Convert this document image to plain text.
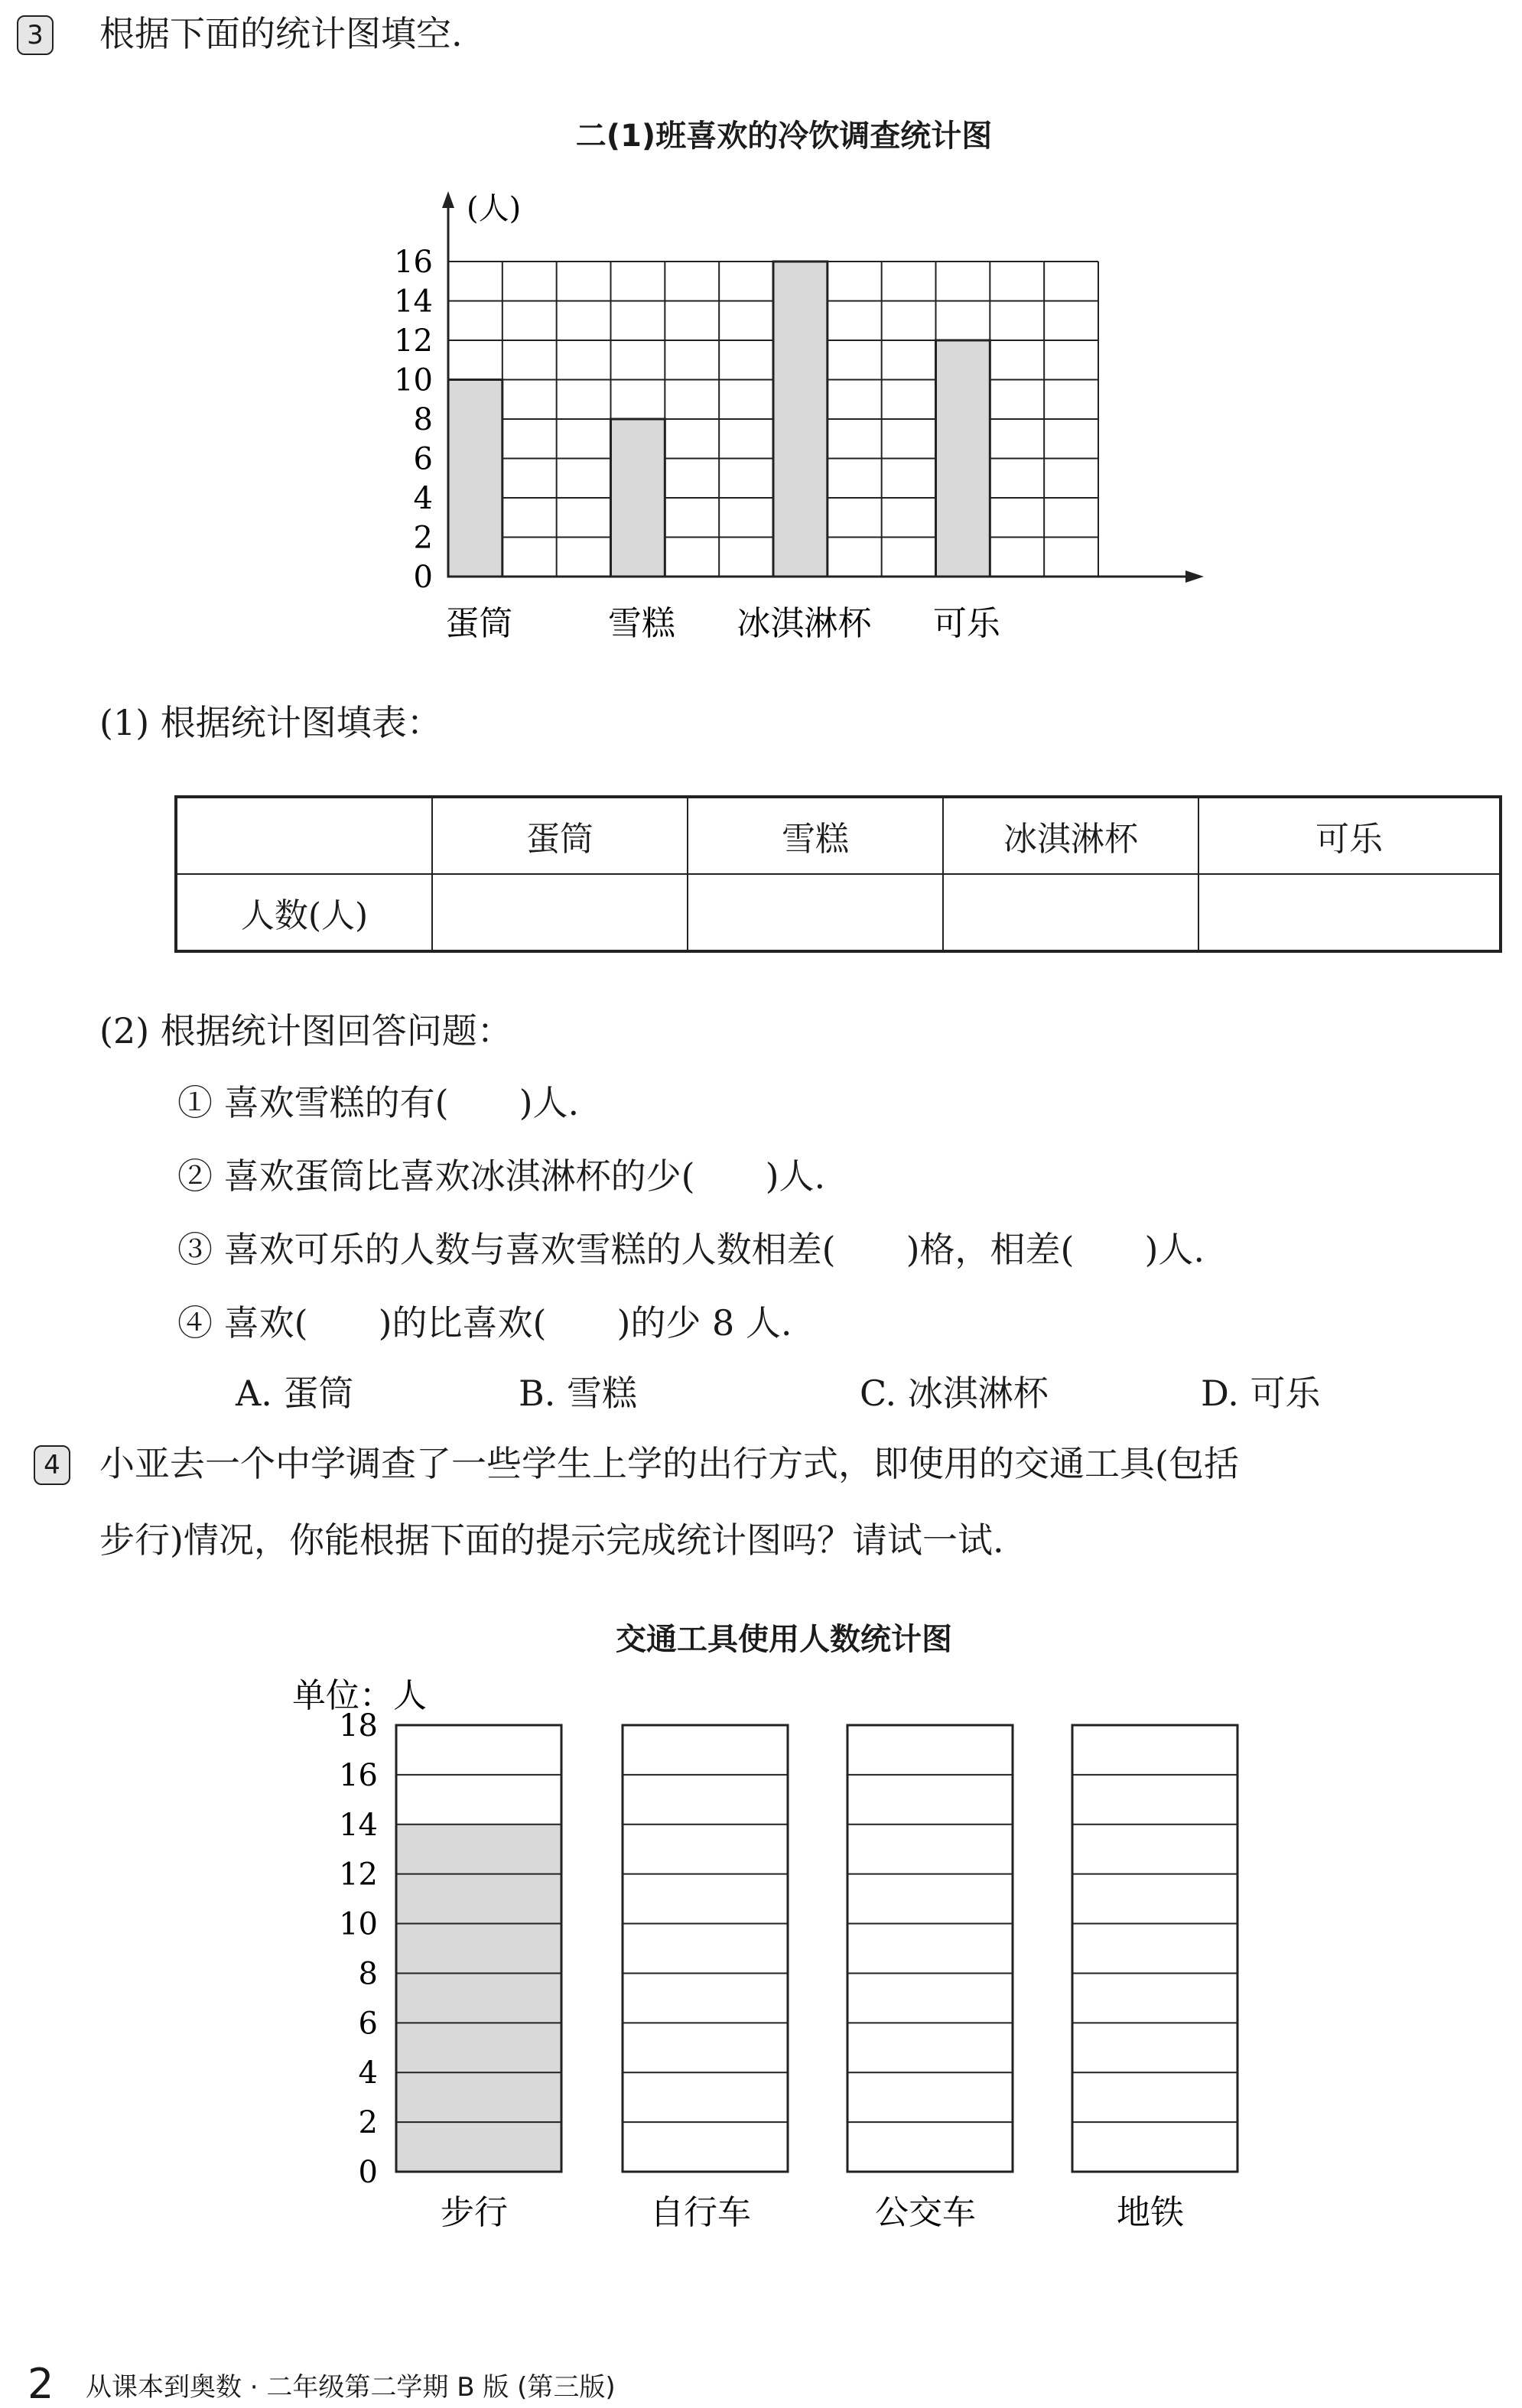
3 根据下面的统计图填空.
二(1)班喜欢的冷饮调查统计图
(人)
0
2
4
6
8
10
12
14
16
蛋筒	雪糕 冰淇淋杯 可乐
(1) 根据统计图填表：
	蛋筒	雪糕	冰淇淋杯	可乐
人数(人)				
(2) 根据统计图回答问题：
① 喜欢雪糕的有(　　)人.
② 喜欢蛋筒比喜欢冰淇淋杯的少(　　)人.
③ 喜欢可乐的人数与喜欢雪糕的人数相差(　　)格，相差(　　)人.
④ 喜欢(　　)的比喜欢(　　)的少 8 人.
A. 蛋筒	B. 雪糕	C. 冰淇淋杯	D. 可乐
4 小亚去一个中学调查了一些学生上学的出行方式，即使用的交通工具(包括
步行)情况，你能根据下面的提示完成统计图吗？请试一试.
交通工具使用人数统计图
单位：人
0
2
4
6
8
10
12
14
16
18
步行	自行车	公交车	地铁
2 从课本到奥数 · 二年级第二学期 B 版 (第三版)
